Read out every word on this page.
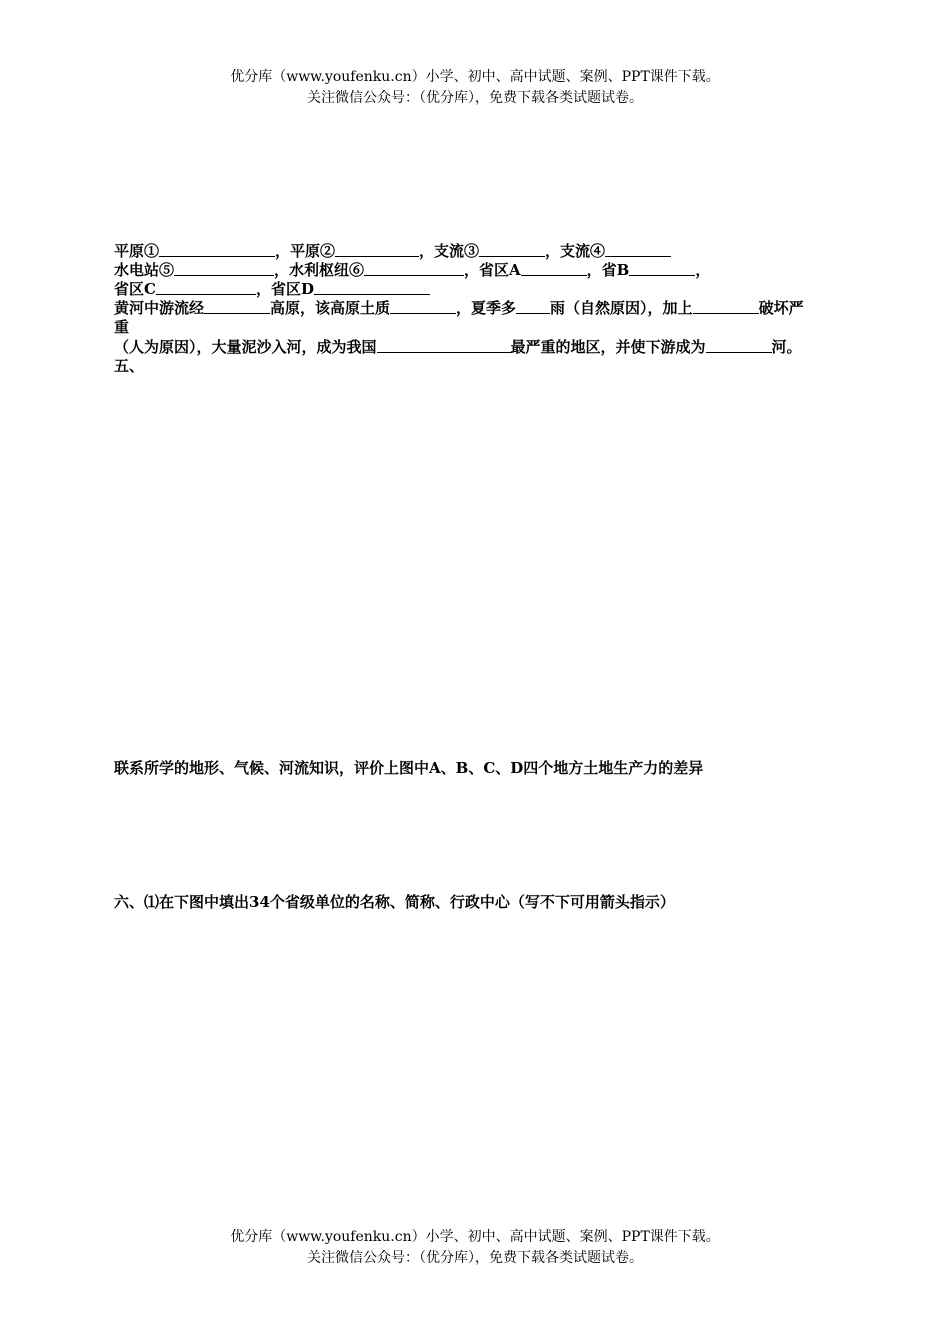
优分库（www.youfenku.cn）小学、初中、高中试题、案例、PPT课件下载。
关注微信公众号：（优分库），免费下载各类试题试卷。
平原①	，平原②	，支流③	，支流④
水电站⑤	，水利枢纽⑥	，省区A	，省B	，
省区C	，省区D
黄河中游流经	高原，该高原土质	，夏季多 雨（自然原因），加上	破坏严
重
（人为原因），大量泥沙入河，成为我国	最严重的地区，并使下游成为	河。
五、
联系所学的地形、气候、河流知识，评价上图中A、B、C、D四个地方土地生产力的差异
六、⑴在下图中填出34个省级单位的名称、简称、行政中心（写不下可用箭头指示）
优分库（www.youfenku.cn）小学、初中、高中试题、案例、PPT课件下载。
关注微信公众号：（优分库），免费下载各类试题试卷。
